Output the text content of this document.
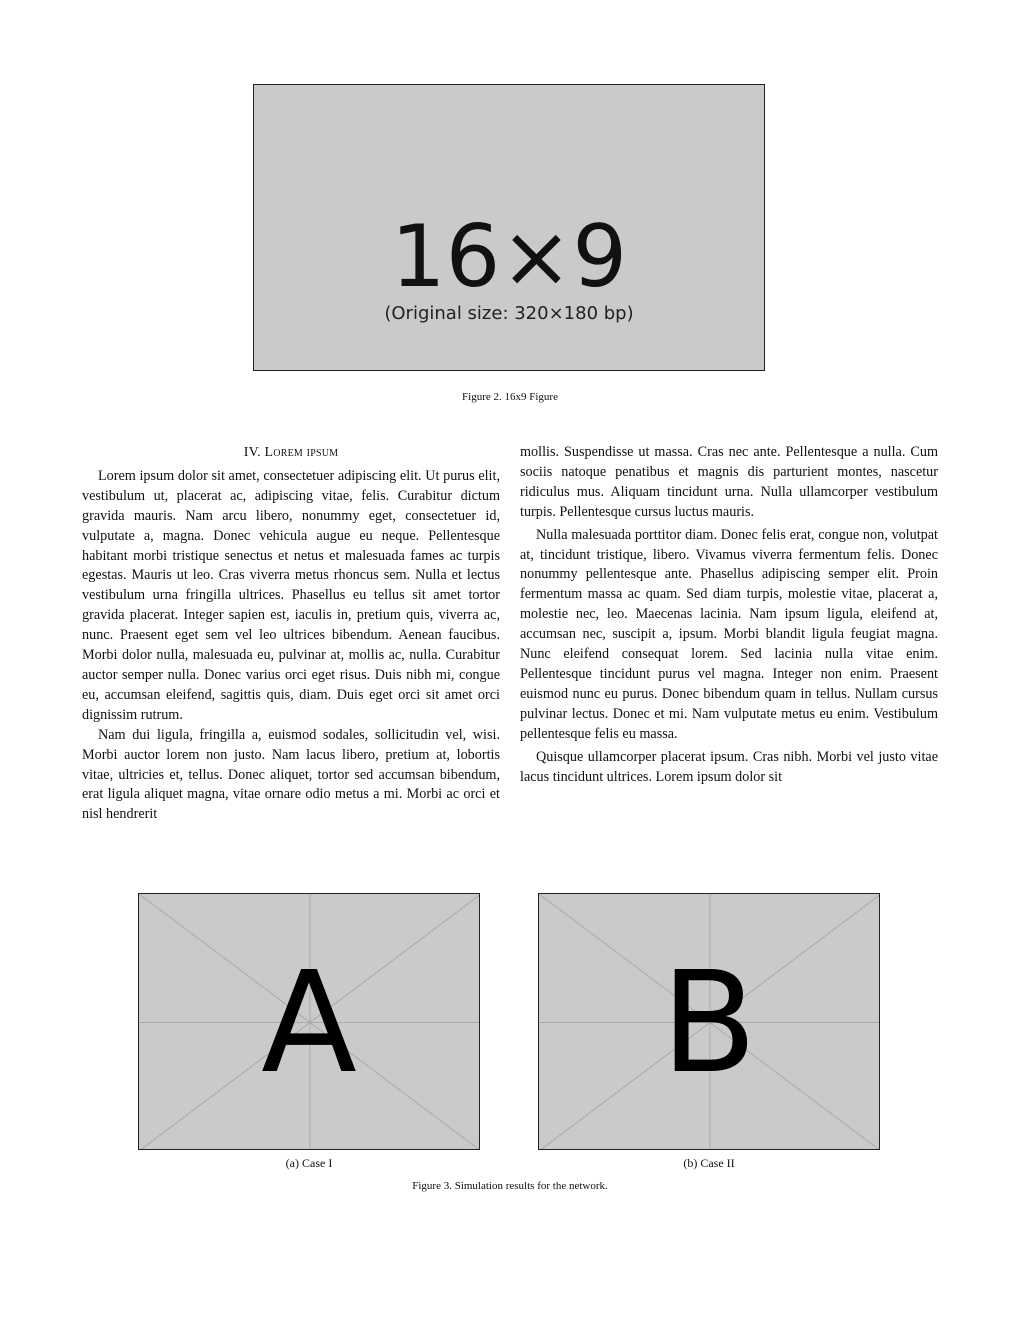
16×9
(Original size: 320×180 bp)
Figure 2. 16x9 Figure
IV. Lorem ipsum

Lorem ipsum dolor sit amet, consectetuer adipiscing elit. Ut purus elit, vestibulum ut, placerat ac, adipiscing vitae, felis. Curabitur dictum gravida mauris. Nam arcu libero, nonummy eget, consectetuer id, vulputate a, magna. Donec vehicula augue eu neque. Pellentesque habitant morbi tristique senectus et netus et malesuada fames ac turpis egestas. Mauris ut leo. Cras viverra metus rhoncus sem. Nulla et lectus vestibulum urna fringilla ultrices. Phasellus eu tellus sit amet tortor gravida placerat. Integer sapien est, iaculis in, pretium quis, viverra ac, nunc. Praesent eget sem vel leo ultrices bibendum. Aenean faucibus. Morbi dolor nulla, malesuada eu, pulvinar at, mollis ac, nulla. Curabitur auctor semper nulla. Donec varius orci eget risus. Duis nibh mi, congue eu, accumsan eleifend, sagittis quis, diam. Duis eget orci sit amet orci dignissim rutrum.

Nam dui ligula, fringilla a, euismod sodales, sollicitudin vel, wisi. Morbi auctor lorem non justo. Nam lacus libero, pretium at, lobortis vitae, ultricies et, tellus. Donec aliquet, tortor sed accumsan bibendum, erat ligula aliquet magna, vitae ornare odio metus a mi. Morbi ac orci et nisl hendrerit

mollis. Suspendisse ut massa. Cras nec ante. Pellentesque a nulla. Cum sociis natoque penatibus et magnis dis parturient montes, nascetur ridiculus mus. Aliquam tincidunt urna. Nulla ullamcorper vestibulum turpis. Pellentesque cursus luctus mauris.

Nulla malesuada porttitor diam. Donec felis erat, congue non, volutpat at, tincidunt tristique, libero. Vivamus viverra fermentum felis. Donec nonummy pellentesque ante. Phasellus adipiscing semper elit. Proin fermentum massa ac quam. Sed diam turpis, molestie vitae, placerat a, molestie nec, leo. Maecenas lacinia. Nam ipsum ligula, eleifend at, accumsan nec, suscipit a, ipsum. Morbi blandit ligula feugiat magna. Nunc eleifend consequat lorem. Sed lacinia nulla vitae enim. Pellentesque tincidunt purus vel magna. Integer non enim. Praesent euismod nunc eu purus. Donec bibendum quam in tellus. Nullam cursus pulvinar lectus. Donec et mi. Nam vulputate metus eu enim. Vestibulum pellentesque felis eu massa.

Quisque ullamcorper placerat ipsum. Cras nibh. Morbi vel justo vitae lacus tincidunt ultrices. Lorem ipsum dolor sit

A
(a) Case I
B
(b) Case II
Figure 3. Simulation results for the network.
